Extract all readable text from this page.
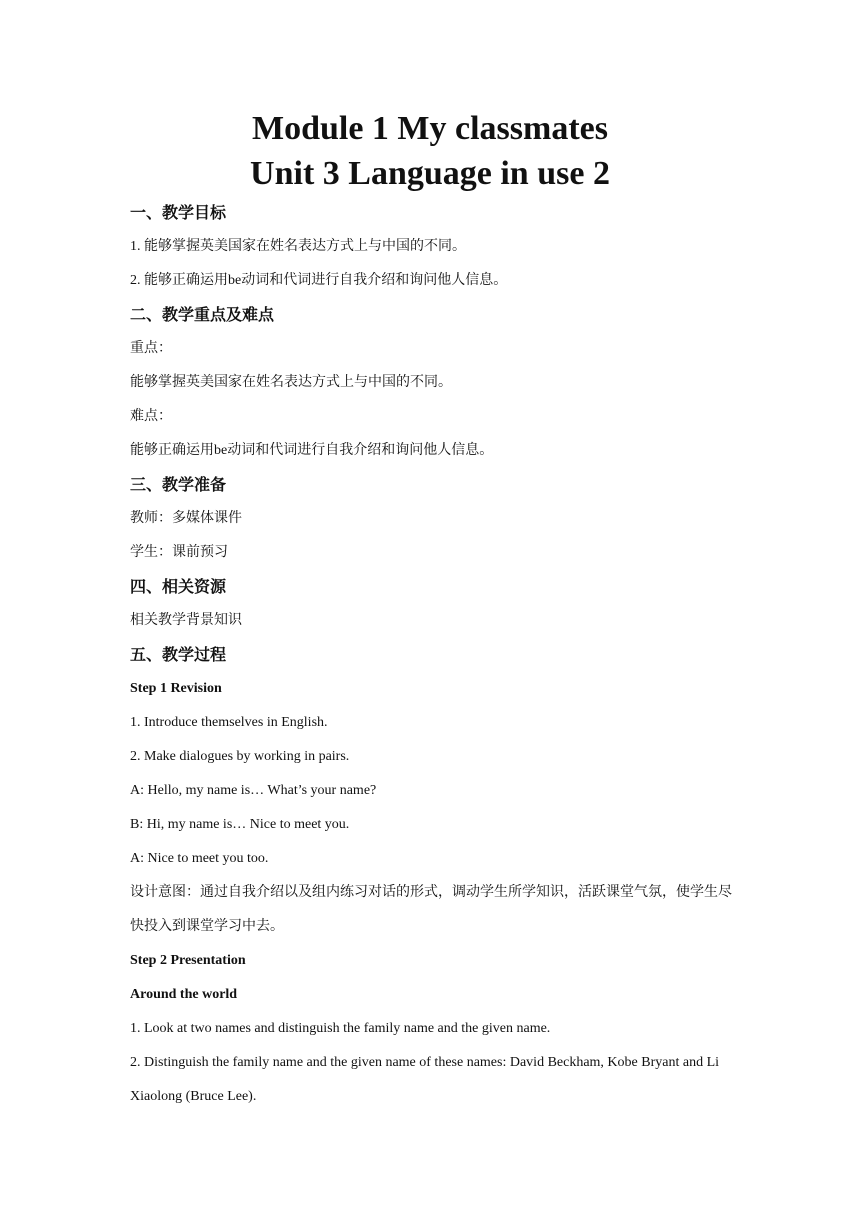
Module 1 My classmates
Unit 3 Language in use 2
一、教学目标
1. 能够掌握英美国家在姓名表达方式上与中国的不同。
2. 能够正确运用be动词和代词进行自我介绍和询问他人信息。
二、教学重点及难点
重点：
能够掌握英美国家在姓名表达方式上与中国的不同。
难点：
能够正确运用be动词和代词进行自我介绍和询问他人信息。
三、教学准备
教师：多媒体课件
学生：课前预习
四、相关资源
相关教学背景知识
五、教学过程
Step 1 Revision
1. Introduce themselves in English.
2. Make dialogues by working in pairs.
A: Hello, my name is… What’s your name?
B: Hi, my name is… Nice to meet you.
A: Nice to meet you too.
设计意图：通过自我介绍以及组内练习对话的形式，调动学生所学知识，活跃课堂气氛，使学生尽快投入到课堂学习中去。
Step 2 Presentation
Around the world
1. Look at two names and distinguish the family name and the given name.
2. Distinguish the family name and the given name of these names: David Beckham, Kobe Bryant and Li Xiaolong (Bruce Lee).
